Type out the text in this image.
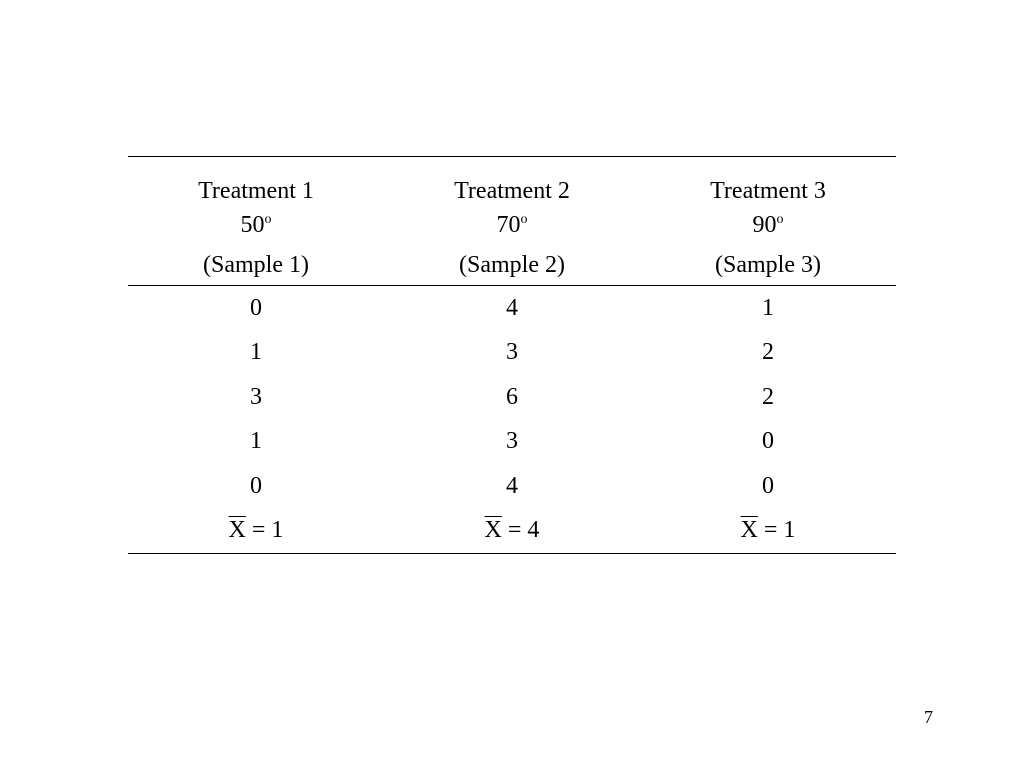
Treatment 1	Treatment 2	Treatment 3
50$^o$	70$^o$	90$^o$
(Sample 1)	(Sample 2)	(Sample 3)
0	4	1
1	3	2
3	6	2
1	3	0
0	4	0
$\overline{X} = 1$	$\overline{X} = 4$	$\overline{X} = 1$
7
